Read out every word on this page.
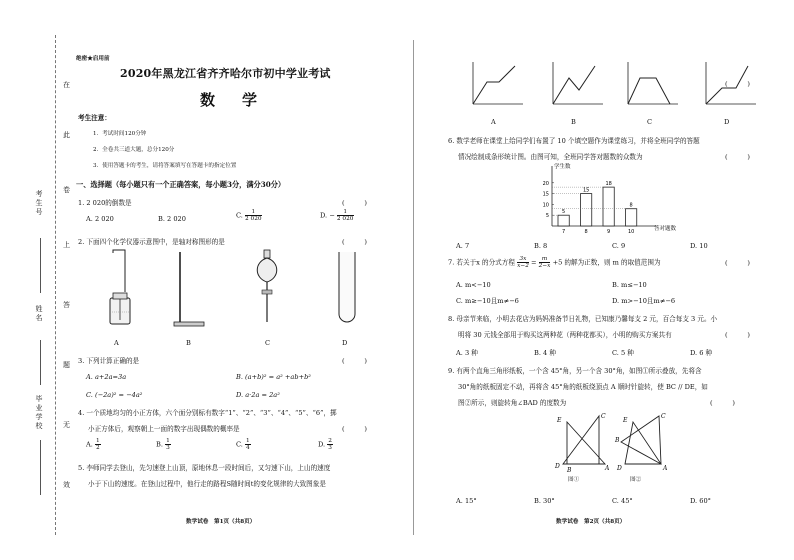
考生号
姓名
毕业学校
在
此
卷
上
答
题
无
效
绝密★启用前
2020年黑龙江省齐齐哈尔市初中学业考试
数　学
考生注意：
1．考试时间120分钟
2．全卷共三道大题，总分120分
3．使用答题卡的考生，请将答案填写在答题卡的指定位置
一、选择题（每小题只有一个正确答案，每小题3分，满分30分）
1. 2 020的倒数是	(　　　)
A. 2 020	B. 2 020	C. $\frac{1}{2 020}$	D. − $\frac{1}{2 020}$
2. 下面四个化学仪器示意图中，是轴对称图形的是	(　　　)
A	B	C	D
3. 下列计算正确的是	(　　　)
A. a+2a=3a	B. (a+b)² = a² +ab+b²
C. (−2a)² = −4a²	D. a·2a = 2a²
4. 一个质地均匀的小正方体，六个面分别标有数字“1”、“2”、“3”、“4”、“5”、“6”，掷
小正方体后，观察朝上一面的数字出现偶数的概率是	(　　　)
A. $\frac{1}{2}$	B. $\frac{1}{3}$	C. $\frac{1}{4}$	D. $\frac{2}{3}$
5. 李师同学去登山，先匀速登上山顶，原地休息一段时间后，又匀速下山，上山的速度
小于下山的速度。在登山过程中，他行走的路程S随时间t的变化规律的大致图象是
数学试卷　第1页（共8页）
(　　　)
A	B	C	D
6. 数学老师在课堂上给同学们布置了 10 个填空题作为课堂练习，并将全班同学的答题
情况绘制成条形统计图。由图可知，全班同学答对题数的众数为	(　　　)
学生数
答对题数
5
10
15
20
5
7
15
8
18
9
8
10
A. 7	B. 8	C. 9	D. 10
7. 若关于x 的分式方程 $\frac{3x}{x-2} = \frac{m}{2-x} +5$ 的解为正数，则 m 的取值范围为	(　　　)
A. m<−10	B. m≤−10
C. m≥−10且m≠−6	D. m>−10且m≠−6
8. 母亲节来临，小明去花店为妈妈准备节日礼物，已知康乃馨每支 2 元，百合每支 3 元。小
明将 30 元钱全部用于购买这两种花（两种花都买），小明的购买方案共有	(　　　)
A. 3 种	B. 4 种	C. 5 种	D. 6 种
9. 有两个直角三角形纸板，一个含 45°角，另一个含 30°角，如图①所示叠放，先将含
30°角的纸板固定不动，再将含 45°角的纸板绕顶点 A 顺时针旋转，使 BC // DE，如
图②所示，则旋转角∠BAD 的度数为	(　　　)
E
C
D
B	A
E
C
B
D	A
图①	图②
A. 15°	B. 30°	C. 45°	D. 60°
数学试卷　第2页（共8页）
